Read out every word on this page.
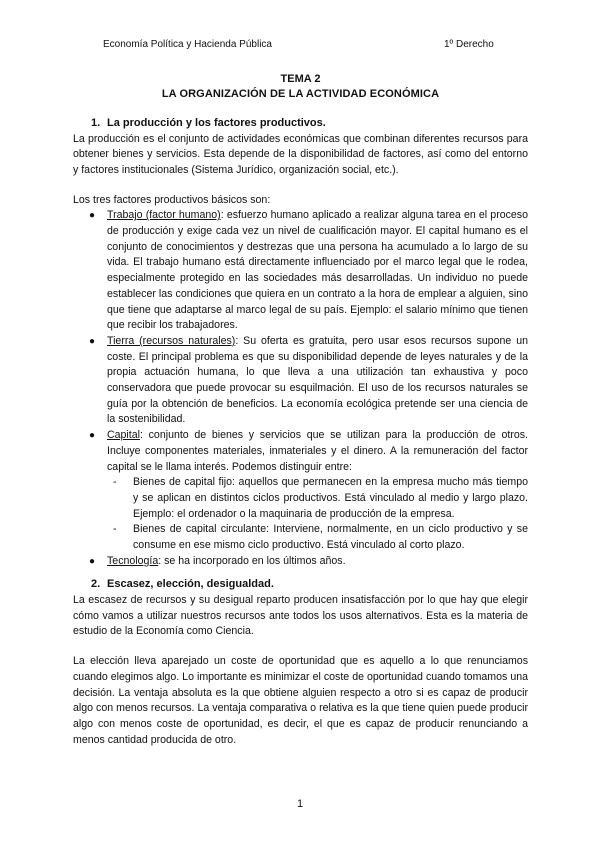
Economía Política y Hacienda Pública	1º Derecho
TEMA 2
LA ORGANIZACIÓN DE LA ACTIVIDAD ECONÓMICA
1. La producción y los factores productivos.

La producción es el conjunto de actividades económicas que combinan diferentes recursos para obtener bienes y servicios. Esta depende de la disponibilidad de factores, así como del entorno y factores institucionales (Sistema Jurídico, organización social, etc.).

Los tres factores productivos básicos son:

● Trabajo (factor humano): esfuerzo humano aplicado a realizar alguna tarea en el proceso de producción y exige cada vez un nivel de cualificación mayor. El capital humano es el conjunto de conocimientos y destrezas que una persona ha acumulado a lo largo de su vida. El trabajo humano está directamente influenciado por el marco legal que le rodea, especialmente protegido en las sociedades más desarrolladas. Un individuo no puede establecer las condiciones que quiera en un contrato a la hora de emplear a alguien, sino que tiene que adaptarse al marco legal de su país. Ejemplo: el salario mínimo que tienen que recibir los trabajadores.
● Tierra (recursos naturales): Su oferta es gratuita, pero usar esos recursos supone un coste. El principal problema es que su disponibilidad depende de leyes naturales y de la propia actuación humana, lo que lleva a una utilización tan exhaustiva y poco conservadora que puede provocar su esquilmación. El uso de los recursos naturales se guía por la obtención de beneficios. La economía ecológica pretende ser una ciencia de la sostenibilidad.
● Capital: conjunto de bienes y servicios que se utilizan para la producción de otros. Incluye componentes materiales, inmateriales y el dinero. A la remuneración del factor capital se le llama interés. Podemos distinguir entre:
- Bienes de capital fijo: aquellos que permanecen en la empresa mucho más tiempo y se aplican en distintos ciclos productivos. Está vinculado al medio y largo plazo. Ejemplo: el ordenador o la maquinaria de producción de la empresa.
- Bienes de capital circulante: Interviene, normalmente, en un ciclo productivo y se consume en ese mismo ciclo productivo. Está vinculado al corto plazo.
● Tecnología: se ha incorporado en los últimos años.
2. Escasez, elección, desigualdad.

La escasez de recursos y su desigual reparto producen insatisfacción por lo que hay que elegir cómo vamos a utilizar nuestros recursos ante todos los usos alternativos. Esta es la materia de estudio de la Economía como Ciencia.

La elección lleva aparejado un coste de oportunidad que es aquello a lo que renunciamos cuando elegimos algo. Lo importante es minimizar el coste de oportunidad cuando tomamos una decisión. La ventaja absoluta es la que obtiene alguien respecto a otro si es capaz de producir algo con menos recursos. La ventaja comparativa o relativa es la que tiene quien puede producir algo con menos coste de oportunidad, es decir, el que es capaz de producir renunciando a menos cantidad producida de otro.

1
